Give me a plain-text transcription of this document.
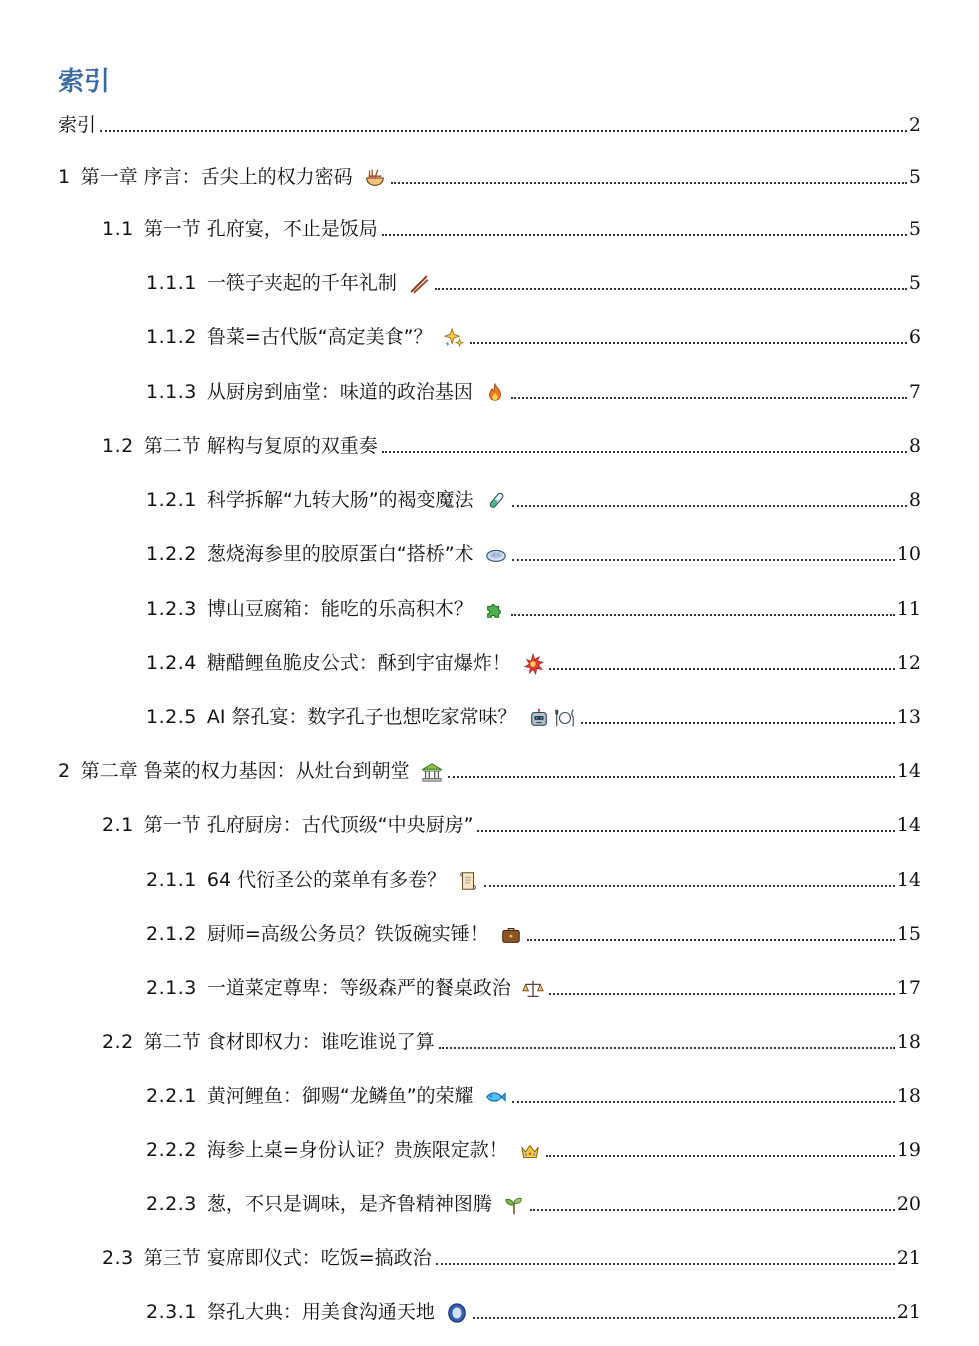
索引
索引	2
1 第一章 序言：舌尖上的权力密码	5
1.1 第一节 孔府宴，不止是饭局	5
1.1.1 一筷子夹起的千年礼制	5
1.1.2 鲁菜=古代版“高定美食”？	6
1.1.3 从厨房到庙堂：味道的政治基因	7
1.2 第二节 解构与复原的双重奏	8
1.2.1 科学拆解“九转大肠”的褐变魔法	8
1.2.2 葱烧海参里的胶原蛋白“搭桥”术	10
1.2.3 博山豆腐箱：能吃的乐高积木？	11
1.2.4 糖醋鲤鱼脆皮公式：酥到宇宙爆炸！	12
1.2.5 AI 祭孔宴：数字孔子也想吃家常味？	13
2 第二章 鲁菜的权力基因：从灶台到朝堂	14
2.1 第一节 孔府厨房：古代顶级“中央厨房”	14
2.1.1 64 代衍圣公的菜单有多卷？	14
2.1.2 厨师=高级公务员？铁饭碗实锤！	15
2.1.3 一道菜定尊卑：等级森严的餐桌政治	17
2.2 第二节 食材即权力：谁吃谁说了算	18
2.2.1 黄河鲤鱼：御赐“龙鳞鱼”的荣耀	18
2.2.2 海参上桌=身份认证？贵族限定款！	19
2.2.3 葱，不只是调味，是齐鲁精神图腾	20
2.3 第三节 宴席即仪式：吃饭=搞政治	21
2.3.1 祭孔大典：用美食沟通天地	21
